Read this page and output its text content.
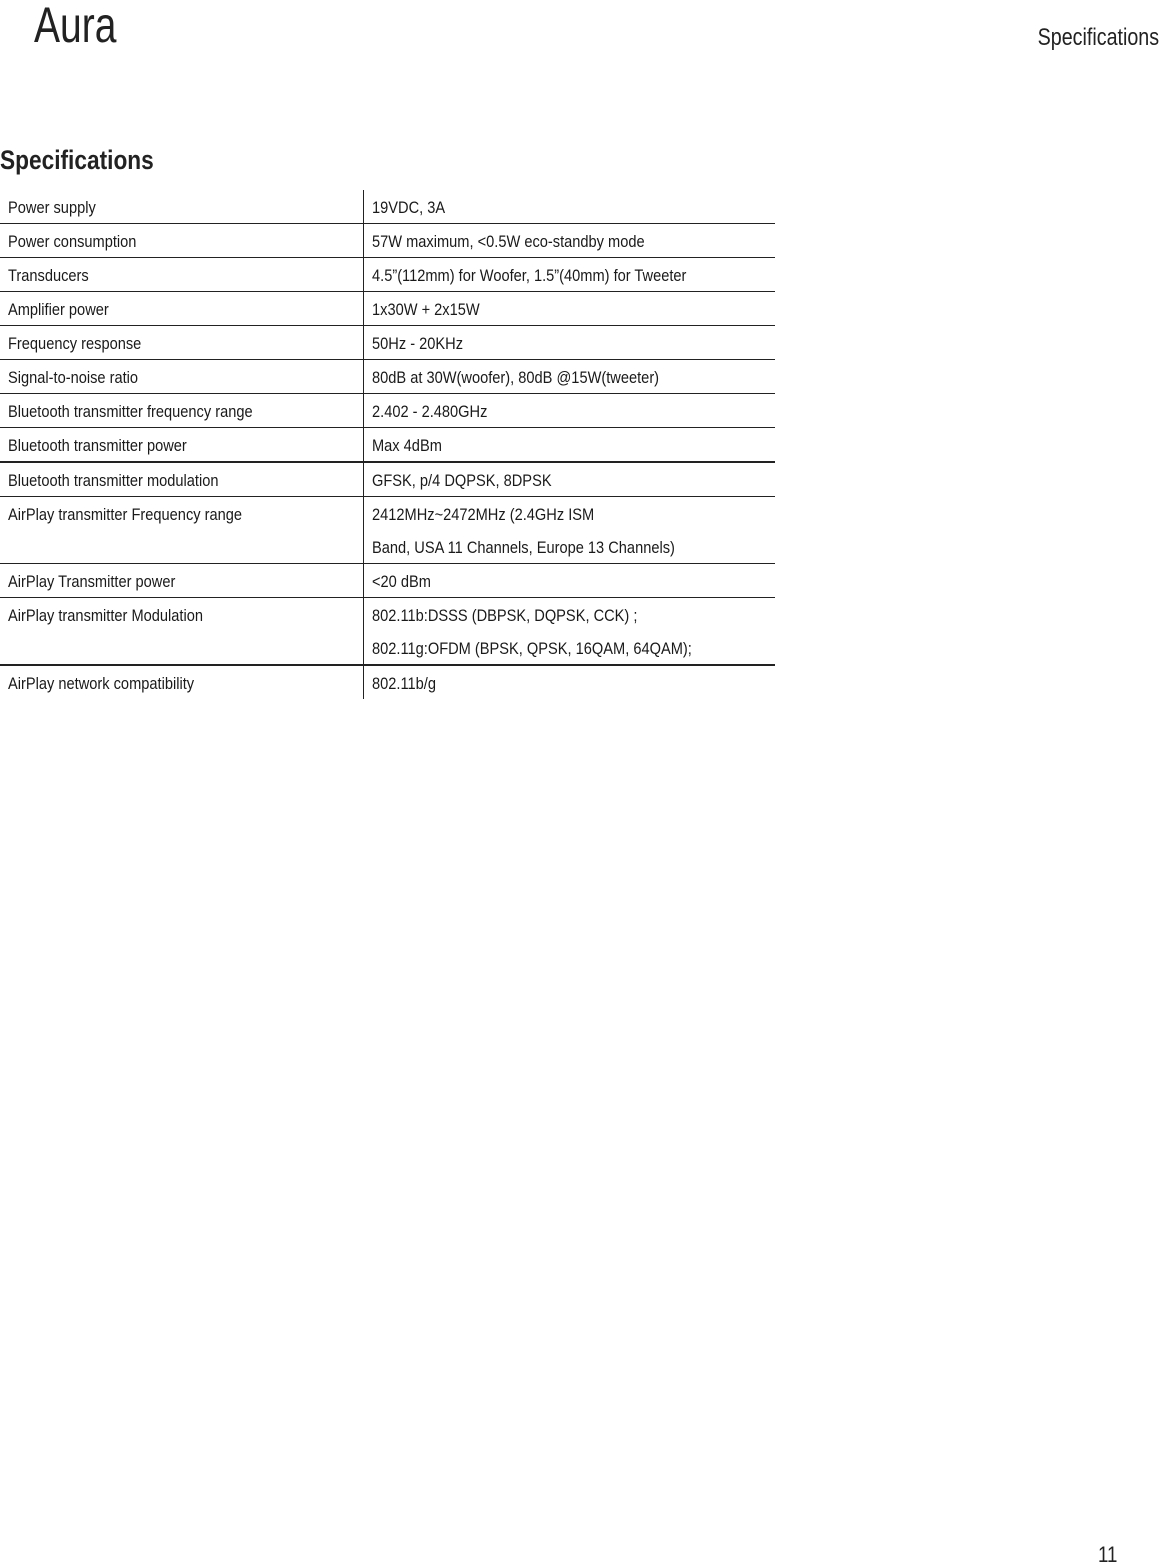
Aura	Specifications
Specifications
Power supply	19VDC, 3A

Power consumption	57W maximum, <0.5W eco-standby mode

Transducers	4.5”(112mm) for Woofer, 1.5”(40mm) for Tweeter

Amplifier power	1x30W + 2x15W

Frequency response	50Hz - 20KHz

Signal-to-noise ratio	80dB at 30W(woofer), 80dB @15W(tweeter)

Bluetooth transmitter frequency range	2.402 - 2.480GHz

Bluetooth transmitter power	Max 4dBm

Bluetooth transmitter modulation	GFSK, p/4 DQPSK, 8DPSK

AirPlay transmitter Frequency range	2412MHz~2472MHz (2.4GHz ISM
Band, USA 11 Channels, Europe 13 Channels)

AirPlay Transmitter power	<20 dBm

AirPlay transmitter Modulation	802.11b:DSSS (DBPSK, DQPSK, CCK) ;
802.11g:OFDM (BPSK, QPSK, 16QAM, 64QAM);

AirPlay network compatibility	802.11b/g
11
